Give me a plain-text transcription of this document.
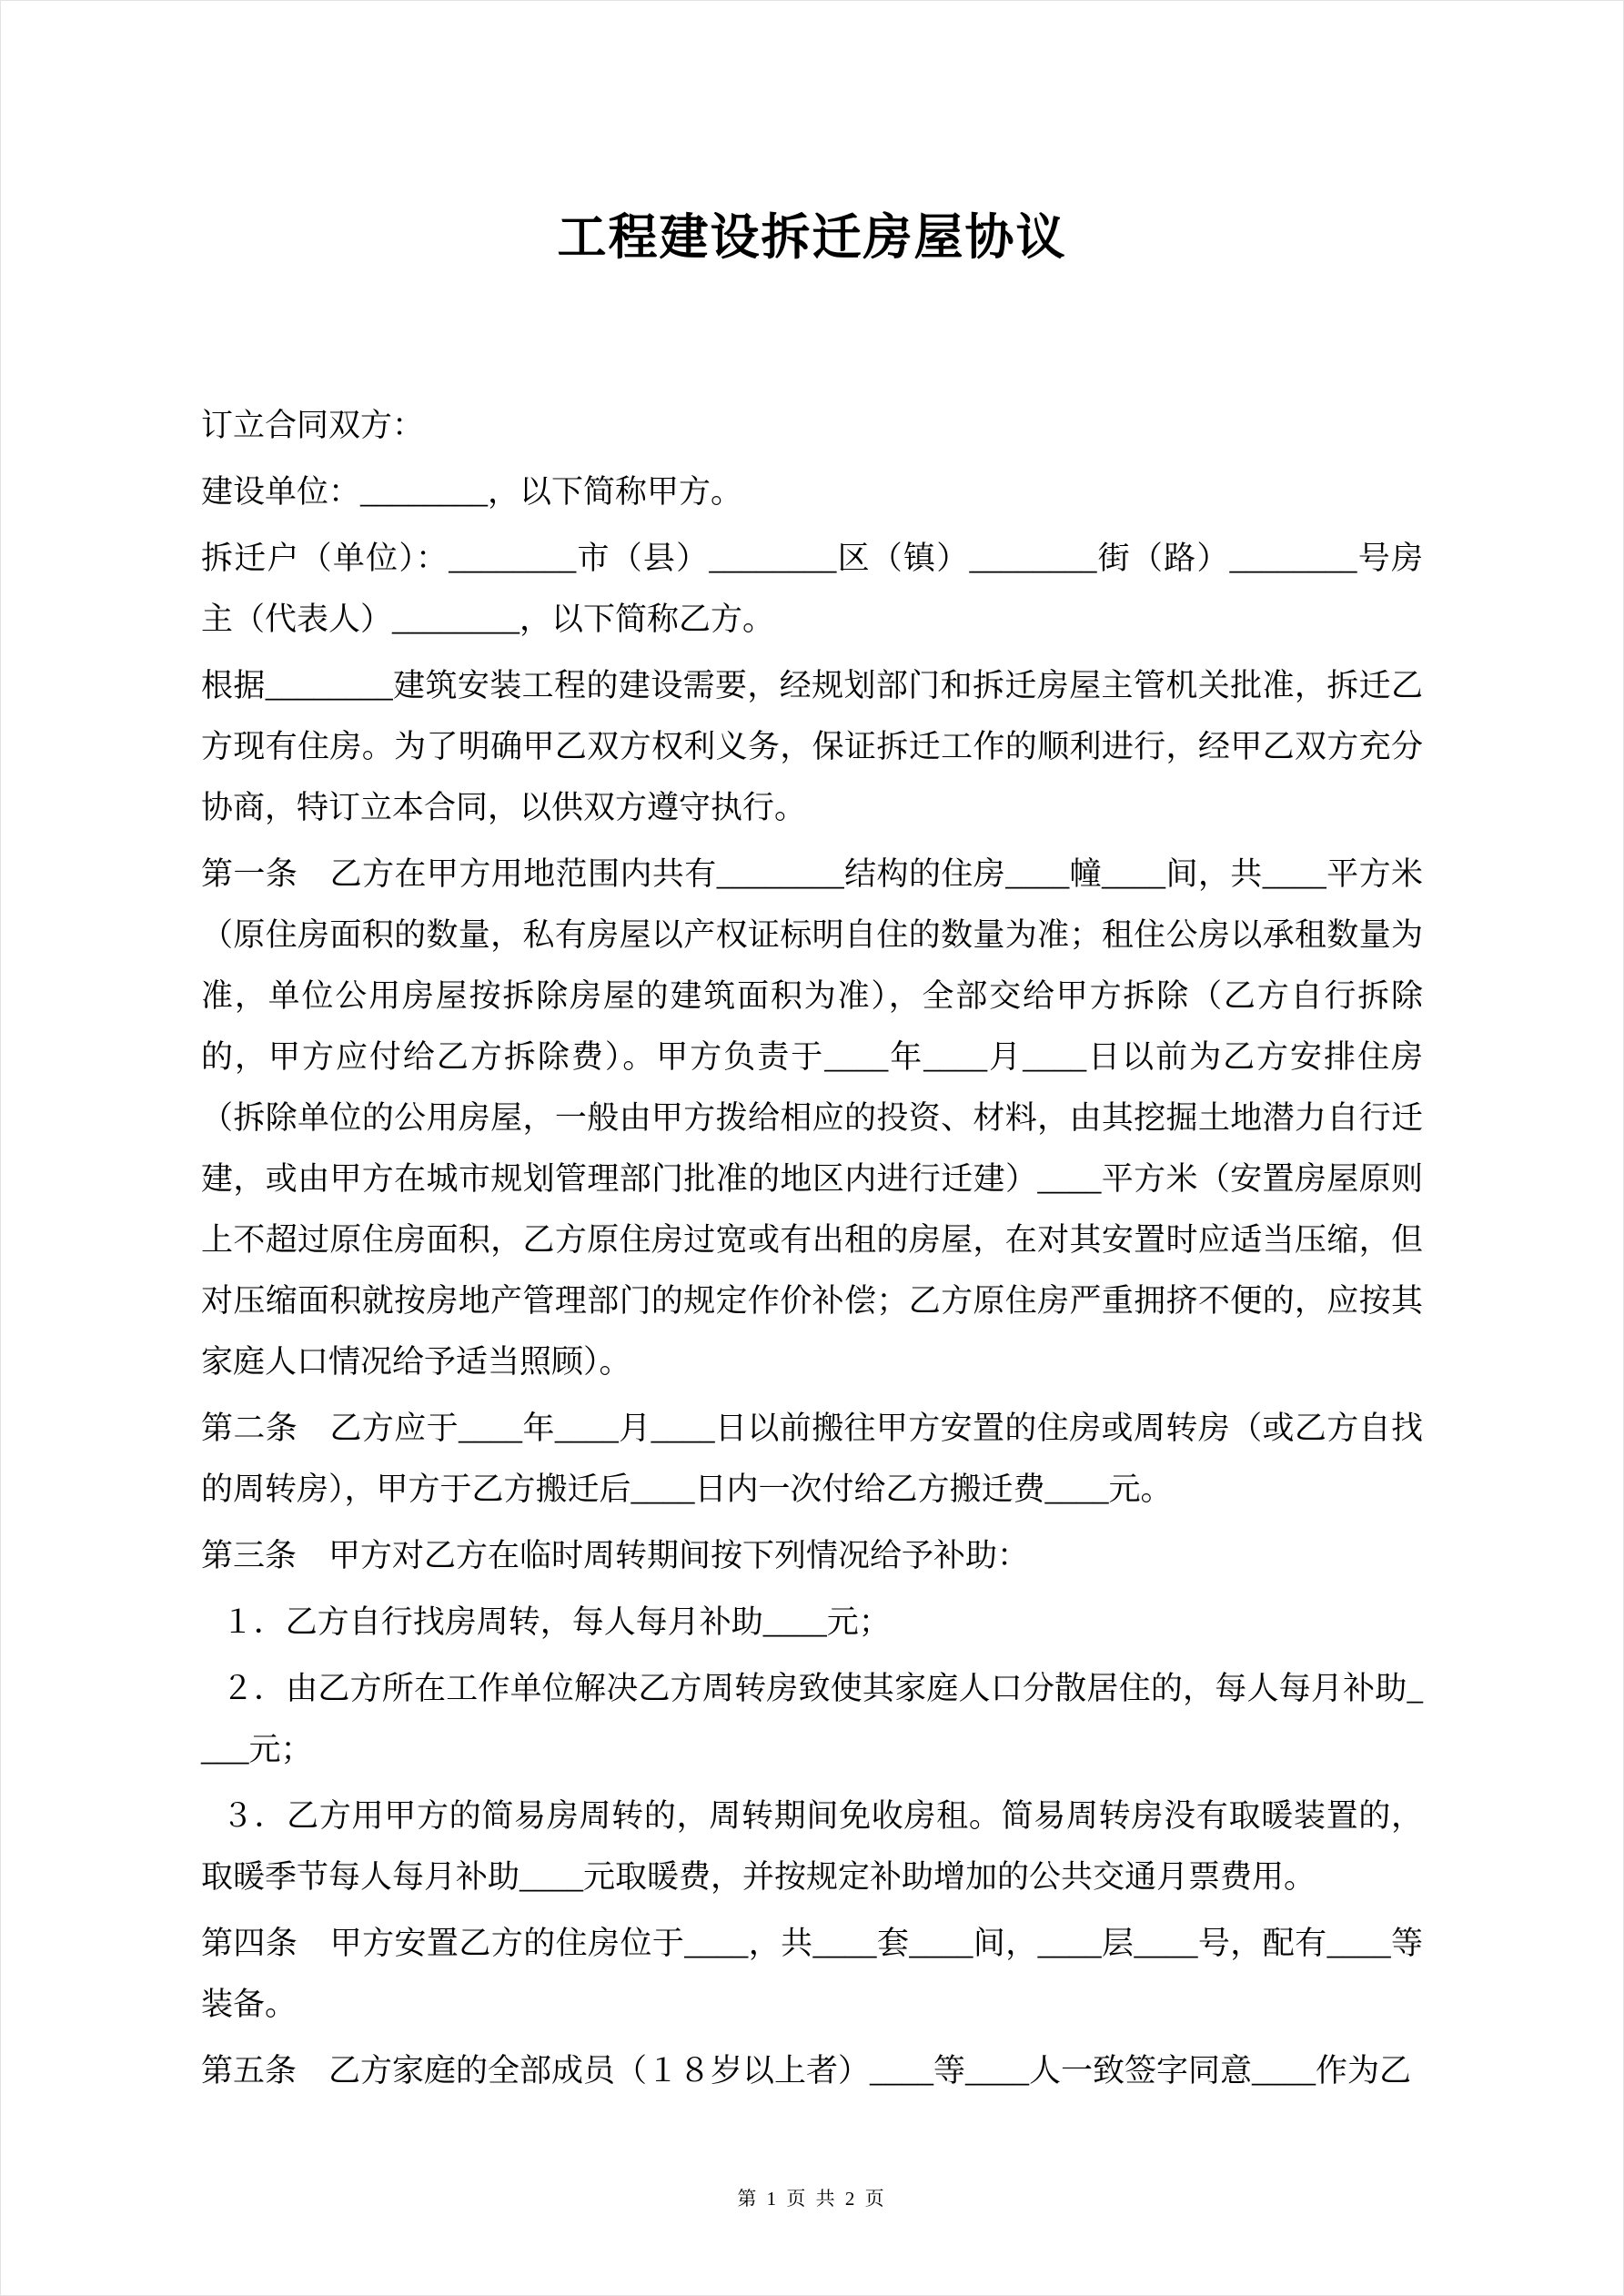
工程建设拆迁房屋协议

订立合同双方：

建设单位：________，以下简称甲方。

拆迁户（单位）：________市（县）________区（镇）________街（路）________号房主（代表人）________，以下简称乙方。

根据________建筑安装工程的建设需要，经规划部门和拆迁房屋主管机关批准，拆迁乙方现有住房。为了明确甲乙双方权利义务，保证拆迁工作的顺利进行，经甲乙双方充分协商，特订立本合同，以供双方遵守执行。

第一条　乙方在甲方用地范围内共有________结构的住房____幢____间，共____平方米（原住房面积的数量，私有房屋以产权证标明自住的数量为准；租住公房以承租数量为准，单位公用房屋按拆除房屋的建筑面积为准），全部交给甲方拆除（乙方自行拆除的，甲方应付给乙方拆除费）。甲方负责于____年____月____日以前为乙方安排住房（拆除单位的公用房屋，一般由甲方拨给相应的投资、材料，由其挖掘土地潜力自行迁建，或由甲方在城市规划管理部门批准的地区内进行迁建）____平方米（安置房屋原则上不超过原住房面积，乙方原住房过宽或有出租的房屋，在对其安置时应适当压缩，但对压缩面积就按房地产管理部门的规定作价补偿；乙方原住房严重拥挤不便的，应按其家庭人口情况给予适当照顾）。

第二条　乙方应于____年____月____日以前搬往甲方安置的住房或周转房（或乙方自找的周转房），甲方于乙方搬迁后____日内一次付给乙方搬迁费____元。

第三条　甲方对乙方在临时周转期间按下列情况给予补助：

１．乙方自行找房周转，每人每月补助____元；

２．由乙方所在工作单位解决乙方周转房致使其家庭人口分散居住的，每人每月补助____元；

３．乙方用甲方的简易房周转的，周转期间免收房租。简易周转房没有取暖装置的，取暖季节每人每月补助____元取暖费，并按规定补助增加的公共交通月票费用。

第四条　甲方安置乙方的住房位于____，共____套____间，____层____号，配有____等装备。

第五条　乙方家庭的全部成员（１８岁以上者）____等____人一致签字同意____作为乙

第 1 页 共 2 页
